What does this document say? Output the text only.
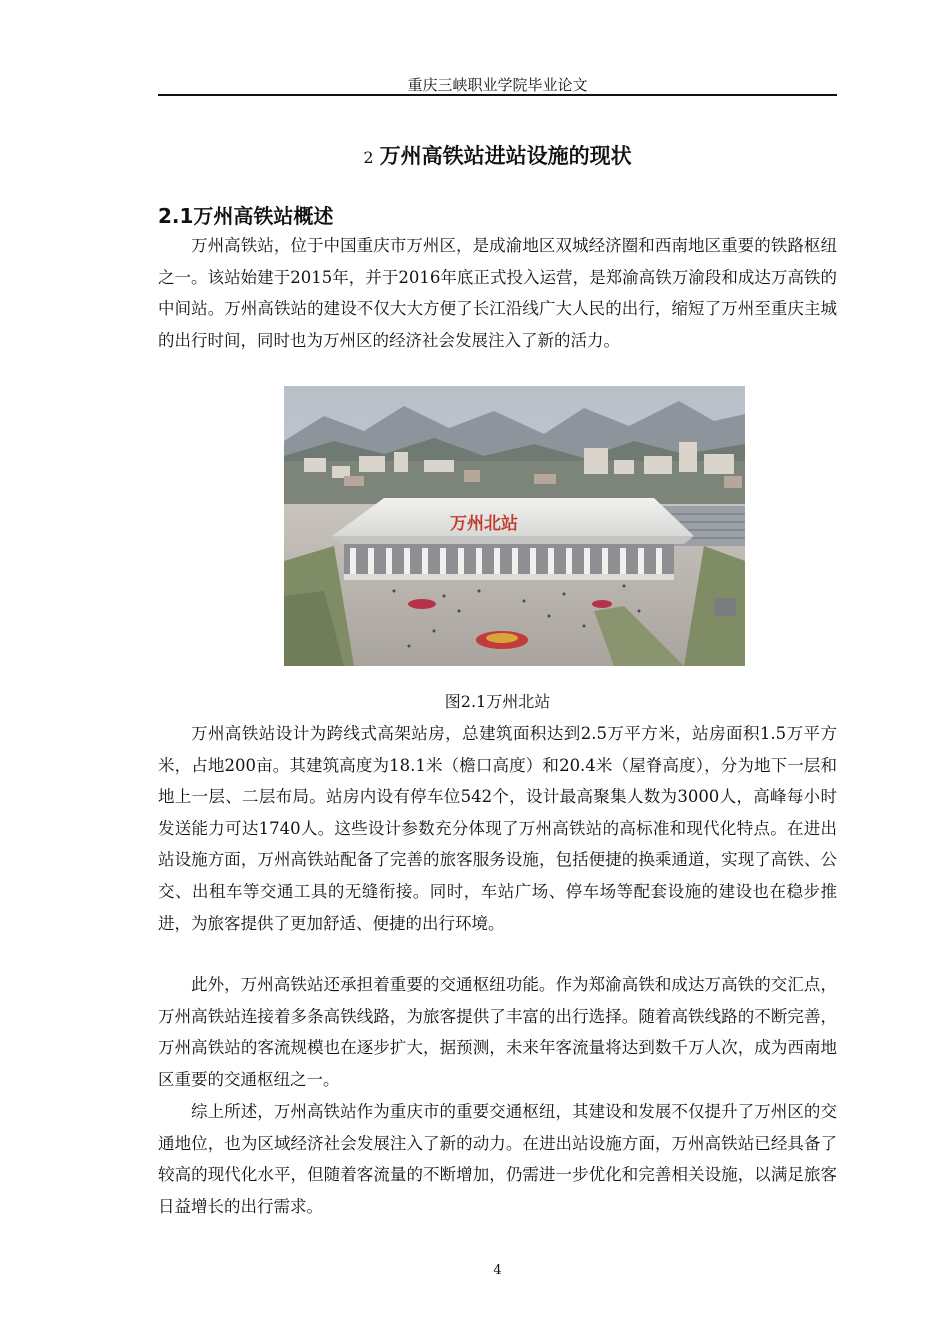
重庆三峡职业学院毕业论文
2 万州高铁站进站设施的现状
2.1万州高铁站概述

万州高铁站，位于中国重庆市万州区，是成渝地区双城经济圈和西南地区重要的铁路枢纽之一。该站始建于2015年，并于2016年底正式投入运营，是郑渝高铁万渝段和成达万高铁的中间站。万州高铁站的建设不仅大大方便了长江沿线广大人民的出行，缩短了万州至重庆主城的出行时间，同时也为万州区的经济社会发展注入了新的活力。

万州北站
图2.1万州北站

万州高铁站设计为跨线式高架站房，总建筑面积达到2.5万平方米，站房面积1.5万平方米，占地200亩。其建筑高度为18.1米（檐口高度）和20.4米（屋脊高度），分为地下一层和地上一层、二层布局。站房内设有停车位542个，设计最高聚集人数为3000人，高峰每小时发送能力可达1740人。这些设计参数充分体现了万州高铁站的高标准和现代化特点。在进出站设施方面，万州高铁站配备了完善的旅客服务设施，包括便捷的换乘通道，实现了高铁、公交、出租车等交通工具的无缝衔接。同时，车站广场、停车场等配套设施的建设也在稳步推进，为旅客提供了更加舒适、便捷的出行环境。

此外，万州高铁站还承担着重要的交通枢纽功能。作为郑渝高铁和成达万高铁的交汇点，万州高铁站连接着多条高铁线路，为旅客提供了丰富的出行选择。随着高铁线路的不断完善，万州高铁站的客流规模也在逐步扩大，据预测，未来年客流量将达到数千万人次，成为西南地区重要的交通枢纽之一。

综上所述，万州高铁站作为重庆市的重要交通枢纽，其建设和发展不仅提升了万州区的交通地位，也为区域经济社会发展注入了新的动力。在进出站设施方面，万州高铁站已经具备了较高的现代化水平，但随着客流量的不断增加，仍需进一步优化和完善相关设施，以满足旅客日益增长的出行需求。

4
